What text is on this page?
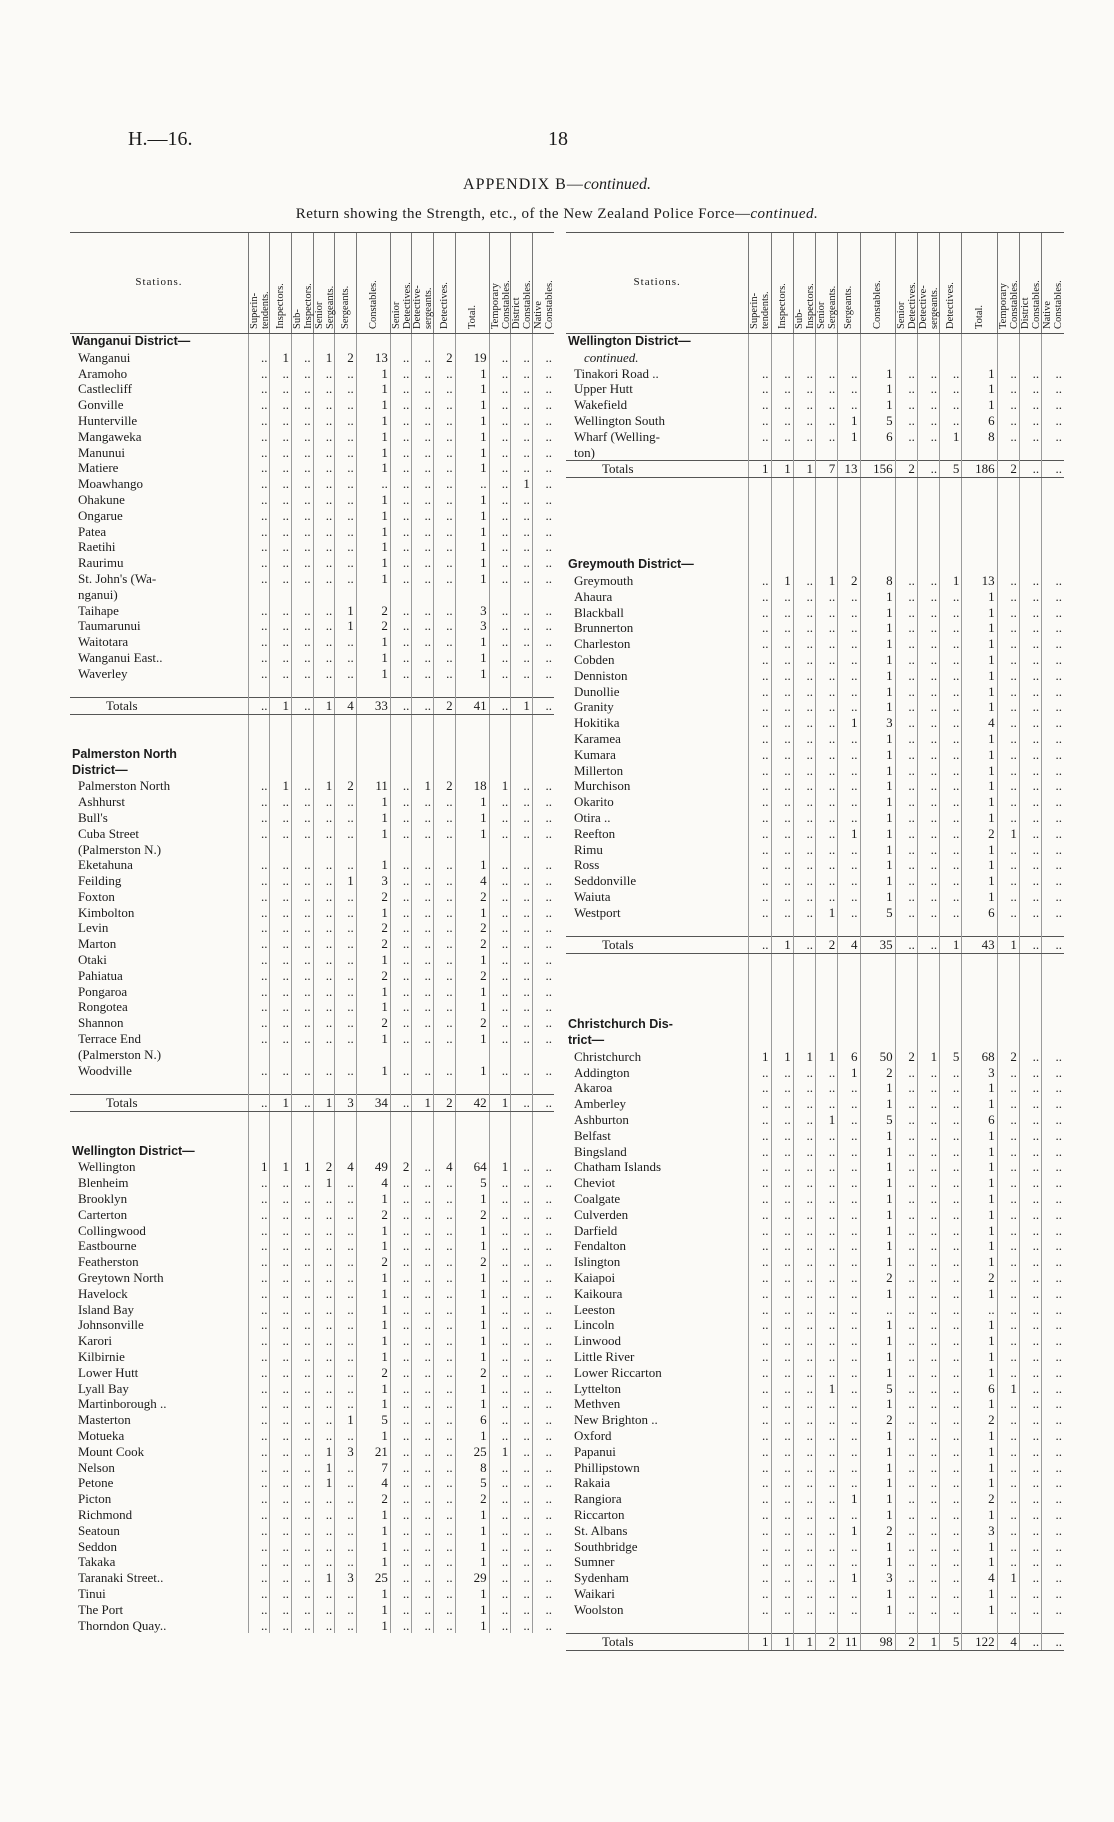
H.—16.	18
APPENDIX B—continued.
Return showing the Strength, etc., of the New Zealand Police Force—continued.
Stations.	Superin-
tendents.	Inspectors.	Sub-
Inspectors.	Senior
Sergeants.	Sergeants.	Constables.	Senior
Detectives.	Detective-
sergeants.	Detectives.	Total.	Temporary
Constables.	District
Constables.	Native
Constables.

Wanganui District—													
Wanganui	..	1	..	1	2	13	..	..	2	19	..	..	..
Aramoho	..	..	..	..	..	1	..	..	..	1	..	..	..
Castlecliff	..	..	..	..	..	1	..	..	..	1	..	..	..
Gonville	..	..	..	..	..	1	..	..	..	1	..	..	..
Hunterville	..	..	..	..	..	1	..	..	..	1	..	..	..
Mangaweka	..	..	..	..	..	1	..	..	..	1	..	..	..
Manunui	..	..	..	..	..	1	..	..	..	1	..	..	..
Matiere	..	..	..	..	..	1	..	..	..	1	..	..	..
Moawhango	..	..	..	..	..	..	..	..	..	..	..	1	..
Ohakune	..	..	..	..	..	1	..	..	..	1	..	..	..
Ongarue	..	..	..	..	..	1	..	..	..	1	..	..	..
Patea	..	..	..	..	..	1	..	..	..	1	..	..	..
Raetihi	..	..	..	..	..	1	..	..	..	1	..	..	..
Raurimu	..	..	..	..	..	1	..	..	..	1	..	..	..
St. John's (Wa-	..	..	..	..	..	1	..	..	..	1	..	..	..
nganui)													
Taihape	..	..	..	..	1	2	..	..	..	3	..	..	..
Taumarunui	..	..	..	..	1	2	..	..	..	3	..	..	..
Waitotara	..	..	..	..	..	1	..	..	..	1	..	..	..
Wanganui East..	..	..	..	..	..	1	..	..	..	1	..	..	..
Waverley	..	..	..	..	..	1	..	..	..	1	..	..	..

Totals	..	1	..	1	4	33	..	..	2	41	..	1	..

Palmerston North													
District—													
Palmerston North	..	1	..	1	2	11	..	1	2	18	1	..	..
Ashhurst	..	..	..	..	..	1	..	..	..	1	..	..	..
Bull's	..	..	..	..	..	1	..	..	..	1	..	..	..
Cuba Street	..	..	..	..	..	1	..	..	..	1	..	..	..
(Palmerston N.)													
Eketahuna	..	..	..	..	..	1	..	..	..	1	..	..	..
Feilding	..	..	..	..	1	3	..	..	..	4	..	..	..
Foxton	..	..	..	..	..	2	..	..	..	2	..	..	..
Kimbolton	..	..	..	..	..	1	..	..	..	1	..	..	..
Levin	..	..	..	..	..	2	..	..	..	2	..	..	..
Marton	..	..	..	..	..	2	..	..	..	2	..	..	..
Otaki	..	..	..	..	..	1	..	..	..	1	..	..	..
Pahiatua	..	..	..	..	..	2	..	..	..	2	..	..	..
Pongaroa	..	..	..	..	..	1	..	..	..	1	..	..	..
Rongotea	..	..	..	..	..	1	..	..	..	1	..	..	..
Shannon	..	..	..	..	..	2	..	..	..	2	..	..	..
Terrace End	..	..	..	..	..	1	..	..	..	1	..	..	..
(Palmerston N.)													
Woodville	..	..	..	..	..	1	..	..	..	1	..	..	..

Totals	..	1	..	1	3	34	..	1	2	42	1	..	..

Wellington District—													
Wellington	1	1	1	2	4	49	2	..	4	64	1	..	..
Blenheim	..	..	..	1	..	4	..	..	..	5	..	..	..
Brooklyn	..	..	..	..	..	1	..	..	..	1	..	..	..
Carterton	..	..	..	..	..	2	..	..	..	2	..	..	..
Collingwood	..	..	..	..	..	1	..	..	..	1	..	..	..
Eastbourne	..	..	..	..	..	1	..	..	..	1	..	..	..
Featherston	..	..	..	..	..	2	..	..	..	2	..	..	..
Greytown North	..	..	..	..	..	1	..	..	..	1	..	..	..
Havelock	..	..	..	..	..	1	..	..	..	1	..	..	..
Island Bay	..	..	..	..	..	1	..	..	..	1	..	..	..
Johnsonville	..	..	..	..	..	1	..	..	..	1	..	..	..
Karori	..	..	..	..	..	1	..	..	..	1	..	..	..
Kilbirnie	..	..	..	..	..	1	..	..	..	1	..	..	..
Lower Hutt	..	..	..	..	..	2	..	..	..	2	..	..	..
Lyall Bay	..	..	..	..	..	1	..	..	..	1	..	..	..
Martinborough ..	..	..	..	..	..	1	..	..	..	1	..	..	..
Masterton	..	..	..	..	1	5	..	..	..	6	..	..	..
Motueka	..	..	..	..	..	1	..	..	..	1	..	..	..
Mount Cook	..	..	..	1	3	21	..	..	..	25	1	..	..
Nelson	..	..	..	1	..	7	..	..	..	8	..	..	..
Petone	..	..	..	1	..	4	..	..	..	5	..	..	..
Picton	..	..	..	..	..	2	..	..	..	2	..	..	..
Richmond	..	..	..	..	..	1	..	..	..	1	..	..	..
Seatoun	..	..	..	..	..	1	..	..	..	1	..	..	..
Seddon	..	..	..	..	..	1	..	..	..	1	..	..	..
Takaka	..	..	..	..	..	1	..	..	..	1	..	..	..
Taranaki Street..	..	..	..	1	3	25	..	..	..	29	..	..	..
Tinui	..	..	..	..	..	1	..	..	..	1	..	..	..
The Port	..	..	..	..	..	1	..	..	..	1	..	..	..
Thorndon Quay..	..	..	..	..	..	1	..	..	..	1	..	..	..
Stations.	Superin-
tendents.	Inspectors.	Sub-
Inspectors.	Senior
Sergeants.	Sergeants.	Constables.	Senior
Detectives.	Detective-
sergeants.	Detectives.	Total.	Temporary
Constables.	District
Constables.	Native
Constables.

Wellington District—													
continued.													
Tinakori Road ..	..	..	..	..	..	1	..	..	..	1	..	..	..
Upper Hutt	..	..	..	..	..	1	..	..	..	1	..	..	..
Wakefield	..	..	..	..	..	1	..	..	..	1	..	..	..
Wellington South	..	..	..	..	1	5	..	..	..	6	..	..	..
Wharf (Welling-	..	..	..	..	1	6	..	..	1	8	..	..	..
ton)													
Totals	1	1	1	7	13	156	2	..	5	186	2	..	..

Greymouth District—													
Greymouth	..	1	..	1	2	8	..	..	1	13	..	..	..
Ahaura	..	..	..	..	..	1	..	..	..	1	..	..	..
Blackball	..	..	..	..	..	1	..	..	..	1	..	..	..
Brunnerton	..	..	..	..	..	1	..	..	..	1	..	..	..
Charleston	..	..	..	..	..	1	..	..	..	1	..	..	..
Cobden	..	..	..	..	..	1	..	..	..	1	..	..	..
Denniston	..	..	..	..	..	1	..	..	..	1	..	..	..
Dunollie	..	..	..	..	..	1	..	..	..	1	..	..	..
Granity	..	..	..	..	..	1	..	..	..	1	..	..	..
Hokitika	..	..	..	..	1	3	..	..	..	4	..	..	..
Karamea	..	..	..	..	..	1	..	..	..	1	..	..	..
Kumara	..	..	..	..	..	1	..	..	..	1	..	..	..
Millerton	..	..	..	..	..	1	..	..	..	1	..	..	..
Murchison	..	..	..	..	..	1	..	..	..	1	..	..	..
Okarito	..	..	..	..	..	1	..	..	..	1	..	..	..
Otira ..	..	..	..	..	..	1	..	..	..	1	..	..	..
Reefton	..	..	..	..	1	1	..	..	..	2	1	..	..
Rimu	..	..	..	..	..	1	..	..	..	1	..	..	..
Ross	..	..	..	..	..	1	..	..	..	1	..	..	..
Seddonville	..	..	..	..	..	1	..	..	..	1	..	..	..
Waiuta	..	..	..	..	..	1	..	..	..	1	..	..	..
Westport	..	..	..	1	..	5	..	..	..	6	..	..	..

Totals	..	1	..	2	4	35	..	..	1	43	1	..	..

Christchurch Dis-													
trict—													
Christchurch	1	1	1	1	6	50	2	1	5	68	2	..	..
Addington	..	..	..	..	1	2	..	..	..	3	..	..	..
Akaroa	..	..	..	..	..	1	..	..	..	1	..	..	..
Amberley	..	..	..	..	..	1	..	..	..	1	..	..	..
Ashburton	..	..	..	1	..	5	..	..	..	6	..	..	..
Belfast	..	..	..	..	..	1	..	..	..	1	..	..	..
Bingsland	..	..	..	..	..	1	..	..	..	1	..	..	..
Chatham Islands	..	..	..	..	..	1	..	..	..	1	..	..	..
Cheviot	..	..	..	..	..	1	..	..	..	1	..	..	..
Coalgate	..	..	..	..	..	1	..	..	..	1	..	..	..
Culverden	..	..	..	..	..	1	..	..	..	1	..	..	..
Darfield	..	..	..	..	..	1	..	..	..	1	..	..	..
Fendalton	..	..	..	..	..	1	..	..	..	1	..	..	..
Islington	..	..	..	..	..	1	..	..	..	1	..	..	..
Kaiapoi	..	..	..	..	..	2	..	..	..	2	..	..	..
Kaikoura	..	..	..	..	..	1	..	..	..	1	..	..	..
Leeston	..	..	..	..	..	..	..	..	..	..	..	..	..
Lincoln	..	..	..	..	..	1	..	..	..	1	..	..	..
Linwood	..	..	..	..	..	1	..	..	..	1	..	..	..
Little River	..	..	..	..	..	1	..	..	..	1	..	..	..
Lower Riccarton	..	..	..	..	..	1	..	..	..	1	..	..	..
Lyttelton	..	..	..	1	..	5	..	..	..	6	1	..	..
Methven	..	..	..	..	..	1	..	..	..	1	..	..	..
New Brighton ..	..	..	..	..	..	2	..	..	..	2	..	..	..
Oxford	..	..	..	..	..	1	..	..	..	1	..	..	..
Papanui	..	..	..	..	..	1	..	..	..	1	..	..	..
Phillipstown	..	..	..	..	..	1	..	..	..	1	..	..	..
Rakaia	..	..	..	..	..	1	..	..	..	1	..	..	..
Rangiora	..	..	..	..	1	1	..	..	..	2	..	..	..
Riccarton	..	..	..	..	..	1	..	..	..	1	..	..	..
St. Albans	..	..	..	..	1	2	..	..	..	3	..	..	..
Southbridge	..	..	..	..	..	1	..	..	..	1	..	..	..
Sumner	..	..	..	..	..	1	..	..	..	1	..	..	..
Sydenham	..	..	..	..	1	3	..	..	..	4	1	..	..
Waikari	..	..	..	..	..	1	..	..	..	1	..	..	..
Woolston	..	..	..	..	..	1	..	..	..	1	..	..	..

Totals	1	1	1	2	11	98	2	1	5	122	4	..	..
